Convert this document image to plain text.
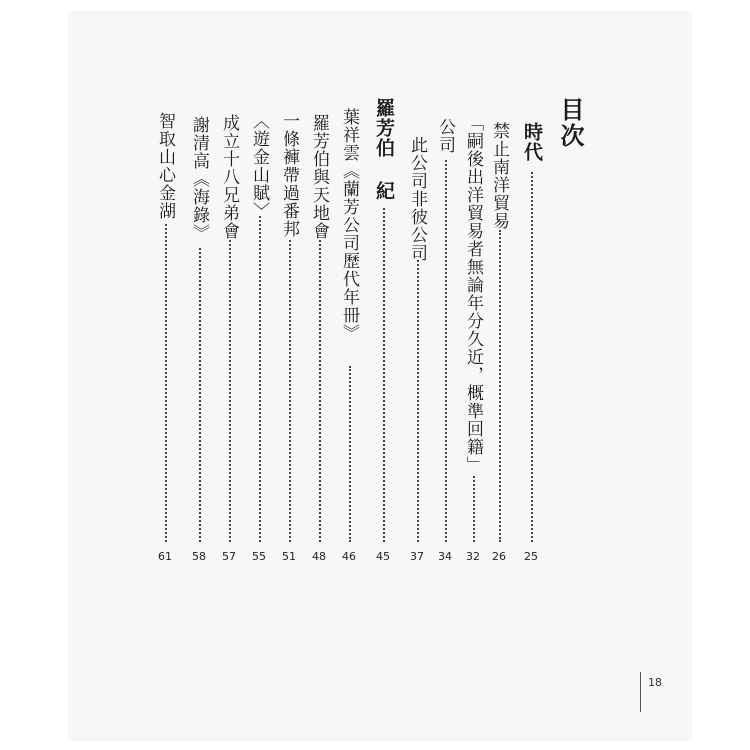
目次
時代
25
禁止南洋貿易
26
「嗣後出洋貿易者無論年分久近，概準回籍」
32
公司
34
此公司非彼公司
37
羅芳伯 紀
45
葉祥雲《蘭芳公司歷代年冊》
46
羅芳伯與天地會
48
一條褲帶過番邦
51
〈遊金山賦〉
55
成立十八兄弟會
57
謝清高《海錄》
58
智取山心金湖
61
18
